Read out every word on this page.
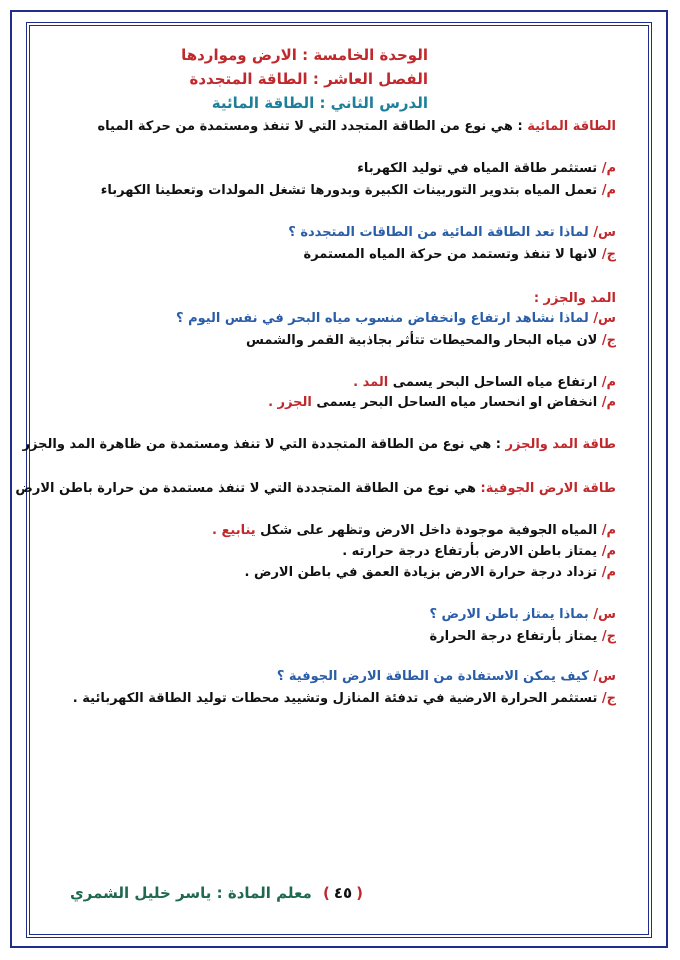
الوحدة الخامسة : الارض ومواردها
الفصل العاشر : الطاقة المتجددة
الدرس الثاني : الطاقة المائية
الطاقة المائية : هي نوع من الطاقة المتجدد التي لا تنفذ ومستمدة من حركة المياه
م/ تستثمر طاقة المياه في توليد الكهرباء
م/ تعمل المياه بتدوير التوربينات الكبيرة وبدورها تشغل المولدات وتعطينا الكهرباء
س/ لماذا تعد الطاقة المائية من الطاقات المتجددة ؟
ج/ لانها لا تنفذ وتستمد من حركة المياه المستمرة
المد والجزر :
س/ لماذا نشاهد ارتفاع وانخفاض منسوب مياه البحر في نفس اليوم ؟
ج/ لان مياه البحار والمحيطات تتأثر بجاذبية القمر والشمس
م/ ارتفاع مياه الساحل البحر يسمى المد .
م/ انخفاض او انحسار مياه الساحل البحر يسمى الجزر .
طاقة المد والجزر : هي نوع من الطاقة المتجددة التي لا تنفذ ومستمدة من ظاهرة المد والجزر
طاقة الارض الجوفية: هي نوع من الطاقة المتجددة التي لا تنفذ مستمدة من حرارة باطن الارض
م/ المياه الجوفية موجودة داخل الارض وتظهر على شكل ينابيع .
م/ يمتاز باطن الارض بأرتفاع درجة حرارته .
م/ تزداد درجة حرارة الارض بزيادة العمق في باطن الارض .
س/ بماذا يمتاز باطن الارض ؟
ج/ يمتاز بأرتفاع درجة الحرارة
س/ كيف يمكن الاستفادة من الطاقة الارض الجوفية ؟
ج/ تستثمر الحرارة الارضية في تدفئة المنازل وتشييد محطات توليد الطاقة الكهربائية .
(٤٥)
معلم المادة : ياسر خليل الشمري
